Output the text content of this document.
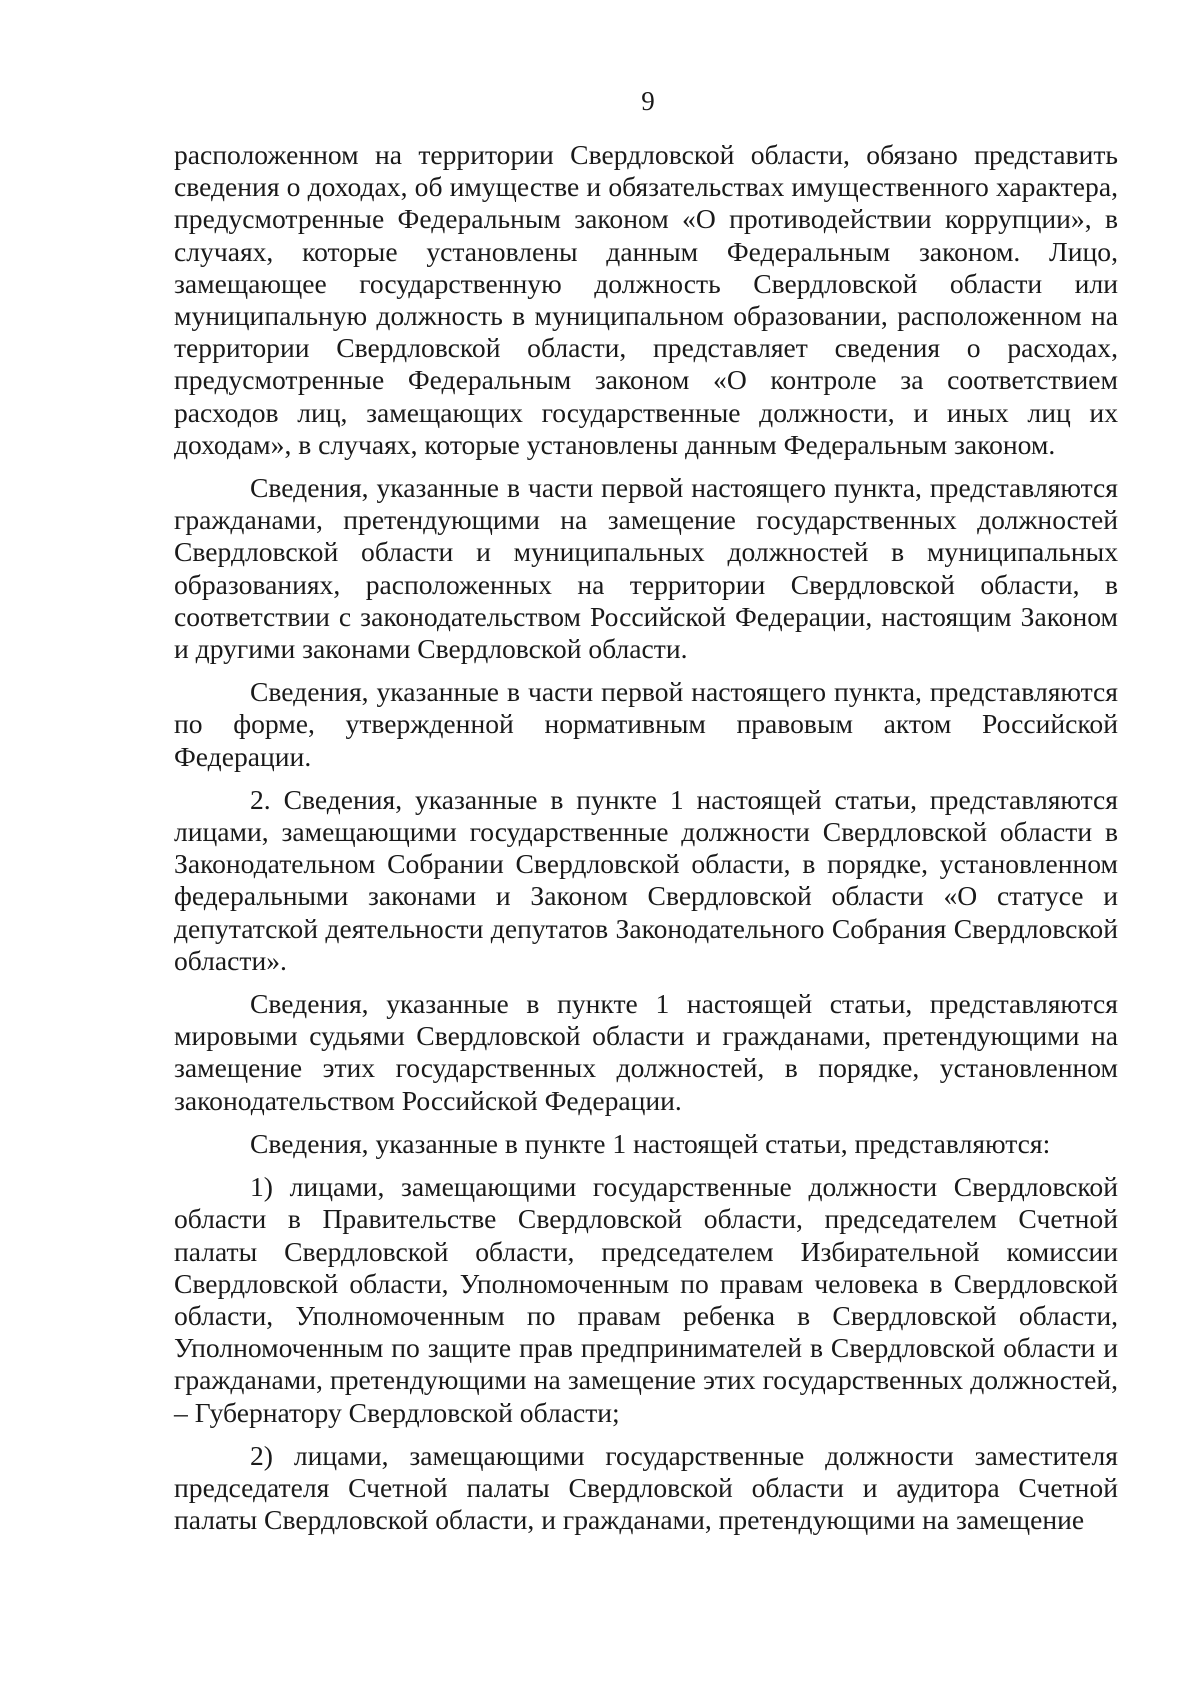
9

расположенном на территории Свердловской области, обязано представить сведения о доходах, об имуществе и обязательствах имущественного характера, предусмотренные Федеральным законом «О противодействии коррупции», в случаях, которые установлены данным Федеральным законом. Лицо, замещающее государственную должность Свердловской области или муниципальную должность в муниципальном образовании, расположенном на территории Свердловской области, представляет сведения о расходах, предусмотренные Федеральным законом «О контроле за соответствием расходов лиц, замещающих государственные должности, и иных лиц их доходам», в случаях, которые установлены данным Федеральным законом.

Сведения, указанные в части первой настоящего пункта, представляются гражданами, претендующими на замещение государственных должностей Свердловской области и муниципальных должностей в муниципальных образованиях, расположенных на территории Свердловской области, в соответствии с законодательством Российской Федерации, настоящим Законом и другими законами Свердловской области.

Сведения, указанные в части первой настоящего пункта, представляются по форме, утвержденной нормативным правовым актом Российской Федерации.

2. Сведения, указанные в пункте 1 настоящей статьи, представляются лицами, замещающими государственные должности Свердловской области в Законодательном Собрании Свердловской области, в порядке, установленном федеральными законами и Законом Свердловской области «О статусе и депутатской деятельности депутатов Законодательного Собрания Свердловской области».

Сведения, указанные в пункте 1 настоящей статьи, представляются мировыми судьями Свердловской области и гражданами, претендующими на замещение этих государственных должностей, в порядке, установленном законодательством Российской Федерации.

Сведения, указанные в пункте 1 настоящей статьи, представляются:

1) лицами, замещающими государственные должности Свердловской области в Правительстве Свердловской области, председателем Счетной палаты Свердловской области, председателем Избирательной комиссии Свердловской области, Уполномоченным по правам человека в Свердловской области, Уполномоченным по правам ребенка в Свердловской области, Уполномоченным по защите прав предпринимателей в Свердловской области и гражданами, претендующими на замещение этих государственных должностей, – Губернатору Свердловской области;

2) лицами, замещающими государственные должности заместителя председателя Счетной палаты Свердловской области и аудитора Счетной палаты Свердловской области, и гражданами, претендующими на замещение
